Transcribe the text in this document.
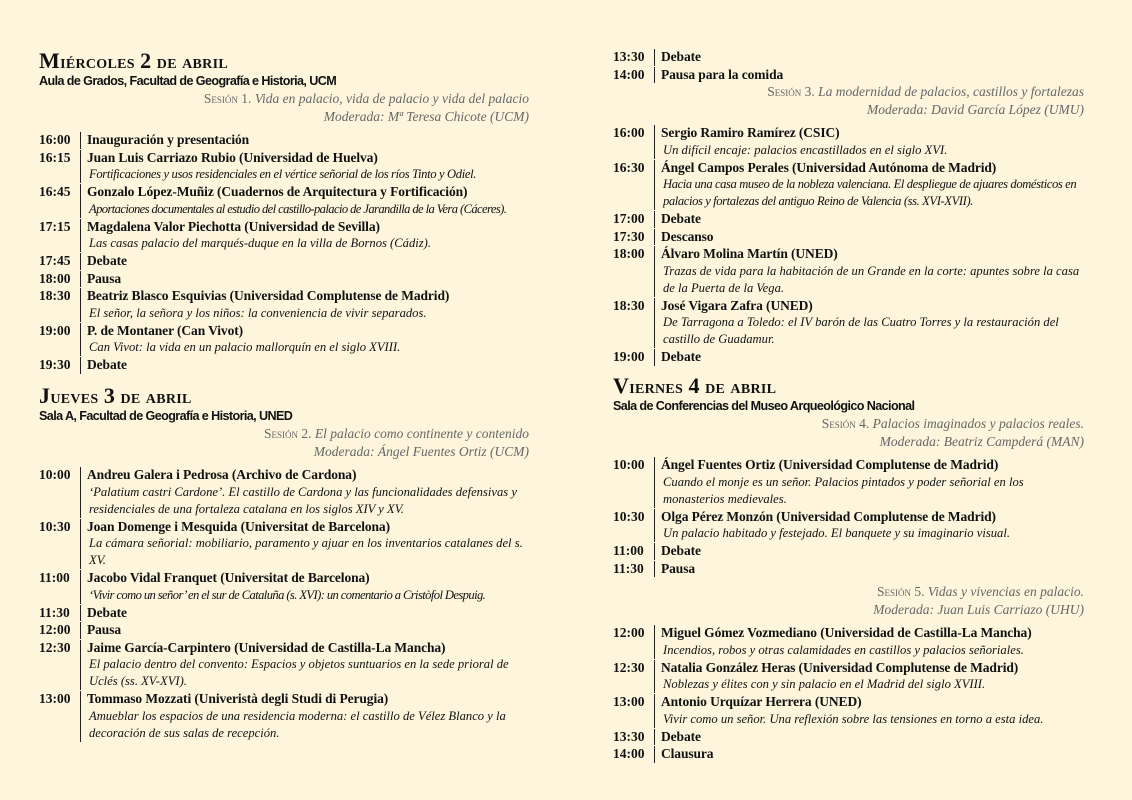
Miércoles 2 de abril
Aula de Grados, Facultad de Geografía e Historia, UCM
Sesión 1. Vida en palacio, vida de palacio y vida del palacio
Moderada: Mª Teresa Chicote (UCM)
16:00	Inauguración y presentación
16:15	Juan Luis Carriazo Rubio (Universidad de Huelva)
Fortificaciones y usos residenciales en el vértice señorial de los ríos Tinto y Odiel.
16:45	Gonzalo López-Muñiz (Cuadernos de Arquitectura y Fortificación)
Aportaciones documentales al estudio del castillo-palacio de Jarandilla de la Vera (Cáceres).
17:15	Magdalena Valor Piechotta (Universidad de Sevilla)
Las casas palacio del marqués-duque en la villa de Bornos (Cádiz).
17:45	Debate
18:00	Pausa
18:30	Beatriz Blasco Esquivias (Universidad Complutense de Madrid)
El señor, la señora y los niños: la conveniencia de vivir separados.
19:00	P. de Montaner (Can Vivot)
Can Vivot: la vida en un palacio mallorquín en el siglo XVIII.
19:30	Debate
Jueves 3 de abril
Sala A, Facultad de Geografía e Historia, UNED
Sesión 2. El palacio como continente y contenido
Moderada: Ángel Fuentes Ortiz (UCM)
10:00	Andreu Galera i Pedrosa (Archivo de Cardona)
‘Palatium castri Cardone’. El castillo de Cardona y las funcionalidades defensivas y residenciales de una fortaleza catalana en los siglos XIV y XV.
10:30	Joan Domenge i Mesquida (Universitat de Barcelona)
La cámara señorial: mobiliario, paramento y ajuar en los inventarios catalanes del s. XV.
11:00	Jacobo Vidal Franquet (Universitat de Barcelona)
‘Vivir como un señor’ en el sur de Cataluña (s. XVI): un comentario a Cristòfol Despuig.
11:30	Debate
12:00	Pausa
12:30	Jaime García-Carpintero (Universidad de Castilla-La Mancha)
El palacio dentro del convento: Espacios y objetos suntuarios en la sede prioral de Uclés (ss. XV-XVI).
13:00	Tommaso Mozzati (Univeristà degli Studi di Perugia)
Amueblar los espacios de una residencia moderna: el castillo de Vélez Blanco y la decoración de sus salas de recepción.
13:30	Debate
14:00	Pausa para la comida
Sesión 3. La modernidad de palacios, castillos y fortalezas
Moderada: David García López (UMU)
16:00	Sergio Ramiro Ramírez (CSIC)
Un difícil encaje: palacios encastillados en el siglo XVI.
16:30	Ángel Campos Perales (Universidad Autónoma de Madrid)
Hacia una casa museo de la nobleza valenciana. El despliegue de ajuares domésticos en palacios y fortalezas del antiguo Reino de Valencia (ss. XVI-XVII).
17:00	Debate
17:30	Descanso
18:00	Álvaro Molina Martín (UNED)
Trazas de vida para la habitación de un Grande en la corte: apuntes sobre la casa de la Puerta de la Vega.
18:30	José Vigara Zafra (UNED)
De Tarragona a Toledo: el IV barón de las Cuatro Torres y la restauración del castillo de Guadamur.
19:00	Debate
Viernes 4 de abril
Sala de Conferencias del Museo Arqueológico Nacional
Sesión 4. Palacios imaginados y palacios reales.
Moderada: Beatriz Campderá (MAN)
10:00	Ángel Fuentes Ortiz (Universidad Complutense de Madrid)
Cuando el monje es un señor. Palacios pintados y poder señorial en los monasterios medievales.
10:30	Olga Pérez Monzón (Universidad Complutense de Madrid)
Un palacio habitado y festejado. El banquete y su imaginario visual.
11:00	Debate
11:30	Pausa
Sesión 5. Vidas y vivencias en palacio.
Moderada: Juan Luis Carriazo (UHU)
12:00	Miguel Gómez Vozmediano (Universidad de Castilla-La Mancha)
Incendios, robos y otras calamidades en castillos y palacios señoriales.
12:30	Natalia González Heras (Universidad Complutense de Madrid)
Noblezas y élites con y sin palacio en el Madrid del siglo XVIII.
13:00	Antonio Urquízar Herrera (UNED)
Vivir como un señor. Una reflexión sobre las tensiones en torno a esta idea.
13:30	Debate
14:00	Clausura
